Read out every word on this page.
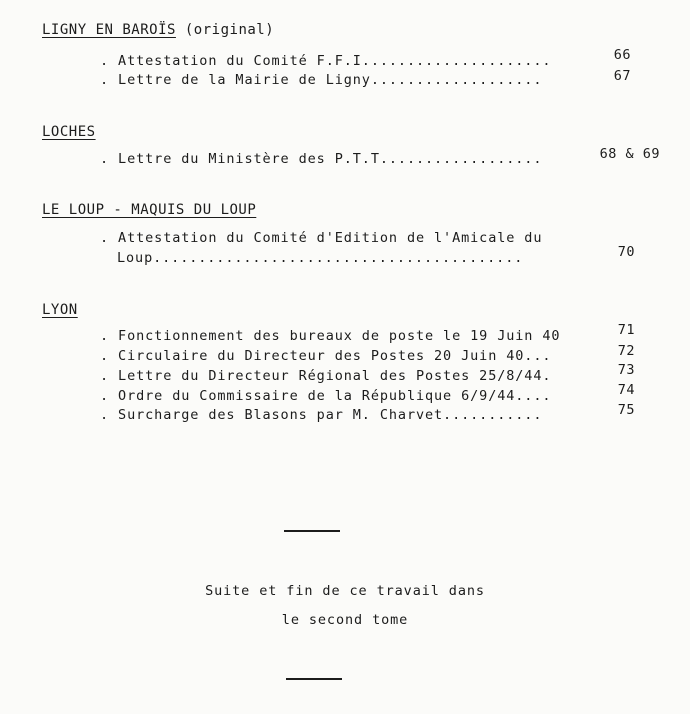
LIGNY EN BAROÏS (original)
. Attestation du Comité F.F.I.....................	66
. Lettre de la Mairie de Ligny...................	67
LOCHES
. Lettre du Ministère des P.T.T..................	68 & 69
LE LOUP - MAQUIS DU LOUP
. Attestation du Comité d'Edition de l'Amicale du
Loup.........................................	70
LYON
. Fonctionnement des bureaux de poste le 19 Juin 40	71
. Circulaire du Directeur des Postes 20 Juin 40...	72
. Lettre du Directeur Régional des Postes 25/8/44.	73
. Ordre du Commissaire de la République 6/9/44....	74
. Surcharge des Blasons par M. Charvet...........	75
Suite et fin de ce travail dans
le second tome
